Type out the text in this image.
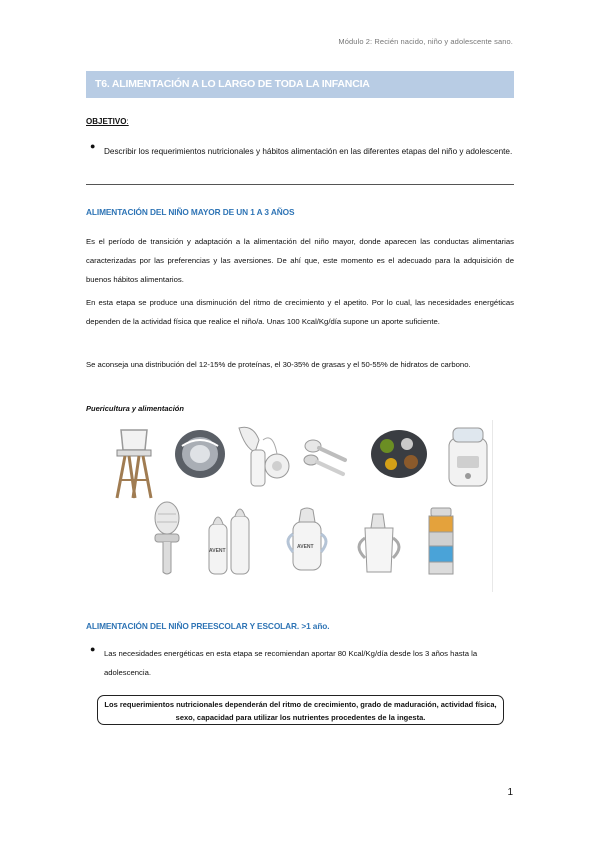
Módulo 2: Recién nacido, niño y adolescente sano.
T6. ALIMENTACIÓN A LO LARGO DE TODA LA INFANCIA
OBJETIVO:
●
Describir los requerimientos nutricionales y hábitos alimentación en las diferentes etapas del niño y adolescente.
ALIMENTACIÓN DEL NIÑO MAYOR DE UN 1 A 3 AÑOS
Es el período de transición y adaptación a la alimentación del niño mayor, donde aparecen las conductas alimentarias caracterizadas por las preferencias y las aversiones. De ahí que, este momento es el adecuado para la adquisición de buenos hábitos alimentarios.
En esta etapa se produce una disminución del ritmo de crecimiento y el apetito. Por lo cual, las necesidades energéticas dependen de la actividad física que realice el niño/a. Unas 100 Kcal/Kg/día supone un aporte suficiente.
Se aconseja una distribución del 12-15% de proteínas, el 30-35% de grasas y el 50-55% de hidratos de carbono.
Puericultura y alimentación
AVENT
AVENT
ALIMENTACIÓN DEL NIÑO PREESCOLAR Y ESCOLAR. >1 año.
● Las necesidades energéticas en esta etapa se recomiendan aportar 80 Kcal/Kg/día desde los 3 años hasta la adolescencia.
Los requerimientos nutricionales dependerán del ritmo de crecimiento, grado de maduración, actividad física, sexo, capacidad para utilizar los nutrientes procedentes de la ingesta.
1
